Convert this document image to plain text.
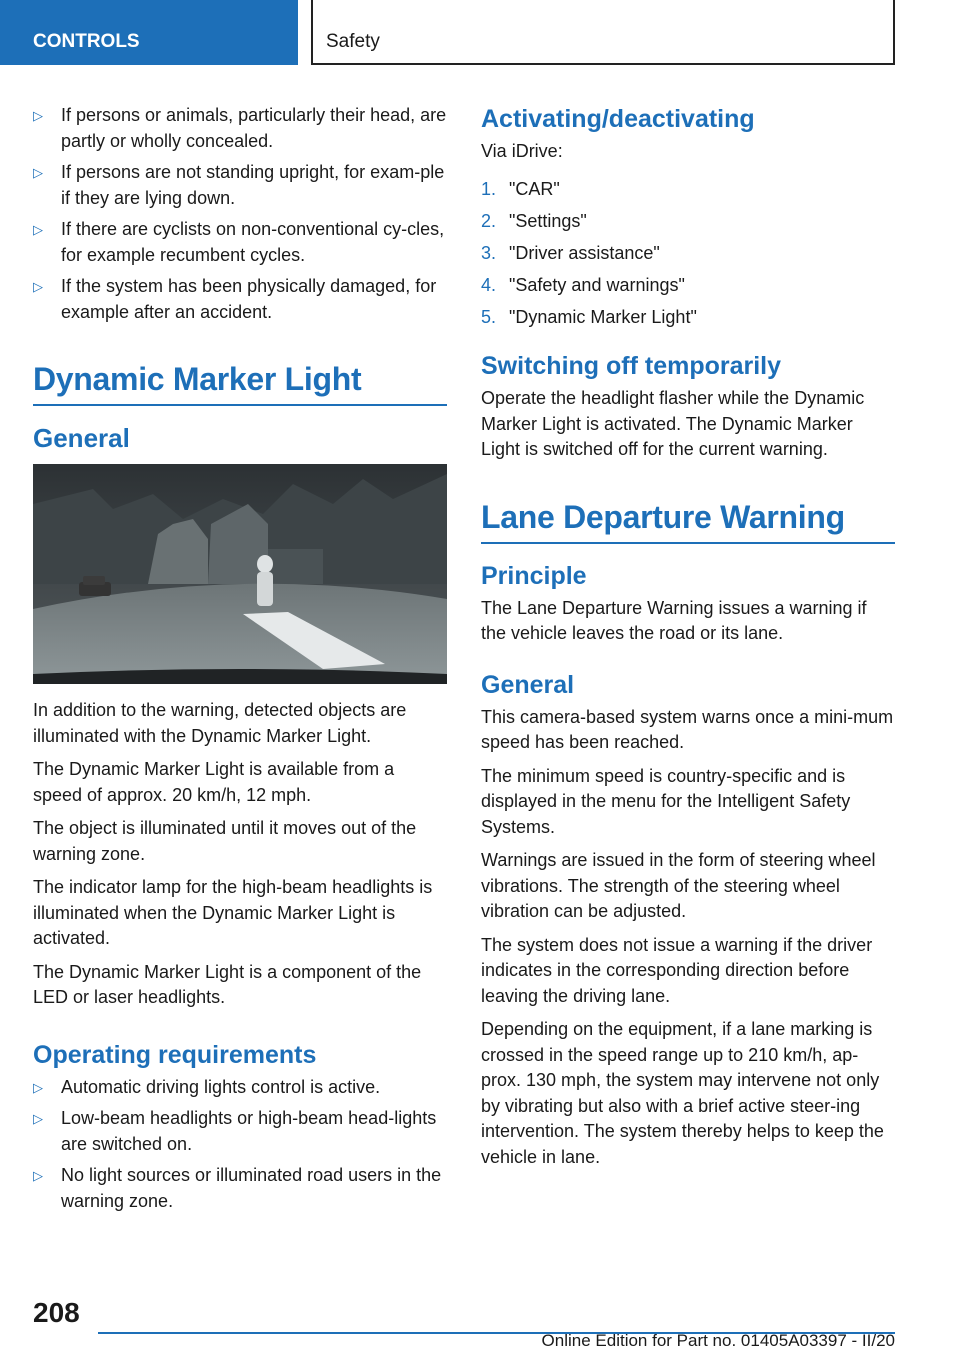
CONTROLS	Safety
▷ If persons or animals, particularly their head, are partly or wholly concealed.
▷ If persons are not standing upright, for exam-ple if they are lying down.
▷ If there are cyclists on non-conventional cy-cles, for example recumbent cycles.
▷ If the system has been physically damaged, for example after an accident.
Dynamic Marker Light
General

In addition to the warning, detected objects are illuminated with the Dynamic Marker Light.

The Dynamic Marker Light is available from a speed of approx. 20 km/h, 12 mph.

The object is illuminated until it moves out of the warning zone.

The indicator lamp for the high-beam headlights is illuminated when the Dynamic Marker Light is activated.

The Dynamic Marker Light is a component of the LED or laser headlights.

Operating requirements
▷ Automatic driving lights control is active.
▷ Low-beam headlights or high-beam head-lights are switched on.
▷ No light sources or illuminated road users in the warning zone.
Activating/deactivating

Via iDrive:

1. "CAR"
2. "Settings"
3. "Driver assistance"
4. "Safety and warnings"
5. "Dynamic Marker Light"
Switching off temporarily

Operate the headlight flasher while the Dynamic Marker Light is activated. The Dynamic Marker Light is switched off for the current warning.

Lane Departure Warning
Principle

The Lane Departure Warning issues a warning if the vehicle leaves the road or its lane.

General

This camera-based system warns once a mini-mum speed has been reached.

The minimum speed is country-specific and is displayed in the menu for the Intelligent Safety Systems.

Warnings are issued in the form of steering wheel vibrations. The strength of the steering wheel vibration can be adjusted.

The system does not issue a warning if the driver indicates in the corresponding direction before leaving the driving lane.

Depending on the equipment, if a lane marking is crossed in the speed range up to 210 km/h, ap-prox. 130 mph, the system may intervene not only by vibrating but also with a brief active steer-ing intervention. The system thereby helps to keep the vehicle in lane.

208
Online Edition for Part no. 01405A03397 - II/20
